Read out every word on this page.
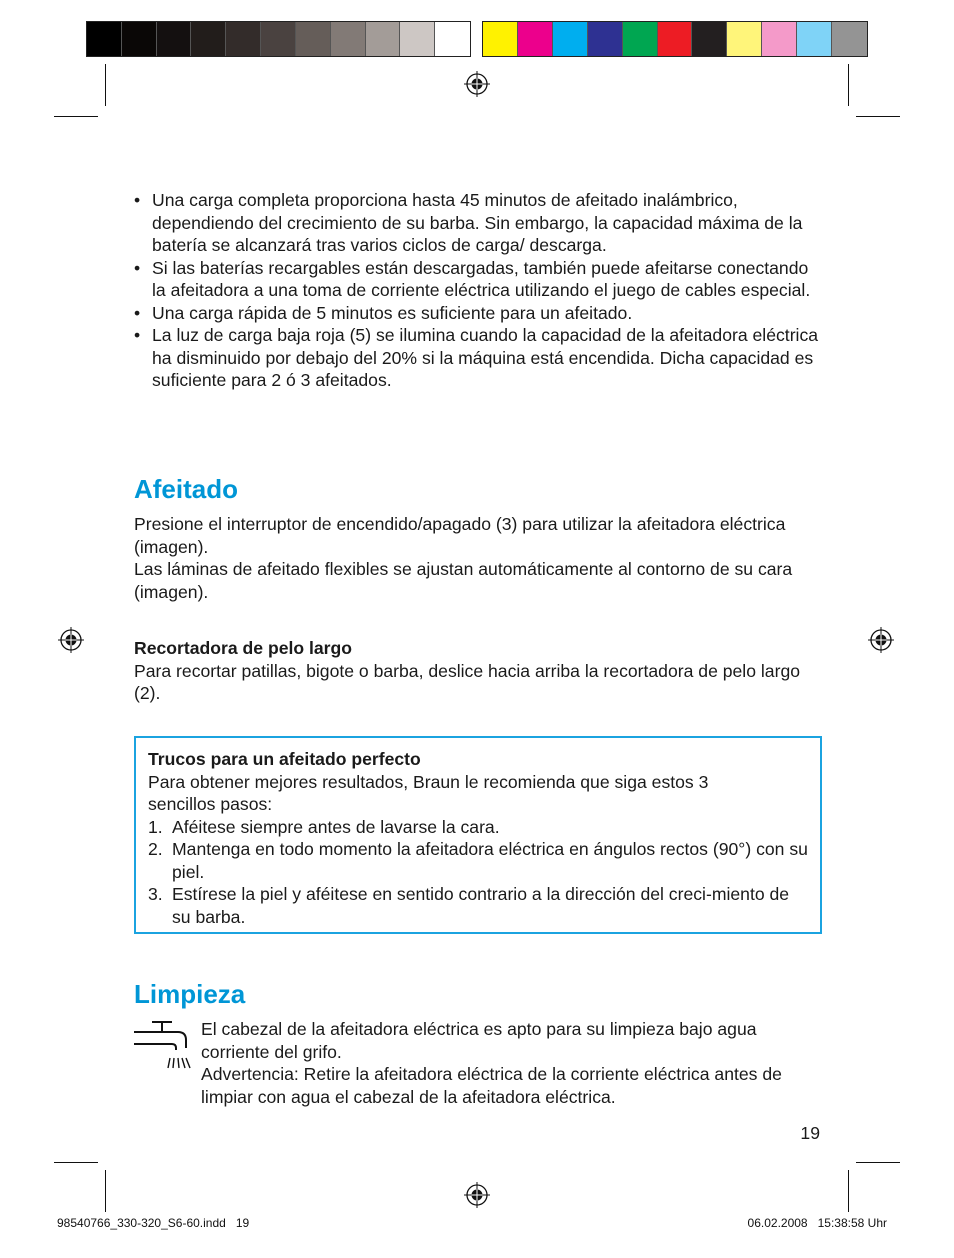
• Una carga completa proporciona hasta 45 minutos de afeitado inalámbrico, dependiendo del crecimiento de su barba. Sin embargo, la capacidad máxima de la batería se alcanzará tras varios ciclos de carga/ descarga.
• Si las baterías recargables están descargadas, también puede afeitarse conectando la afeitadora a una toma de corriente eléctrica utilizando el juego de cables especial.
• Una carga rápida de 5 minutos es suficiente para un afeitado.
• La luz de carga baja roja (5) se ilumina cuando la capacidad de la afeitadora eléctrica ha disminuido por debajo del 20% si la máquina está encendida. Dicha capacidad es suficiente para 2 ó 3 afeitados.
Afeitado
Presione el interruptor de encendido/apagado (3) para utilizar la afeitadora eléctrica (imagen).
Las láminas de afeitado flexibles se ajustan automáticamente al contorno de su cara (imagen).
Recortadora de pelo largo
Para recortar patillas, bigote o barba, deslice hacia arriba la recortadora de pelo largo (2).
Trucos para un afeitado perfecto
Para obtener mejores resultados, Braun le recomienda que siga estos 3 sencillos pasos:
1. Aféitese siempre antes de lavarse la cara.
2. Mantenga en todo momento la afeitadora eléctrica en ángulos rectos (90°) con su piel.
3. Estírese la piel y aféitese en sentido contrario a la dirección del creci-miento de su barba.
Limpieza
El cabezal de la afeitadora eléctrica es apto para su limpieza bajo agua corriente del grifo.
Advertencia: Retire la afeitadora eléctrica de la corriente eléctrica antes de limpiar con agua el cabezal de la afeitadora eléctrica.
19
98540766_330-320_S6-60.indd   19	06.02.2008   15:38:58 Uhr
